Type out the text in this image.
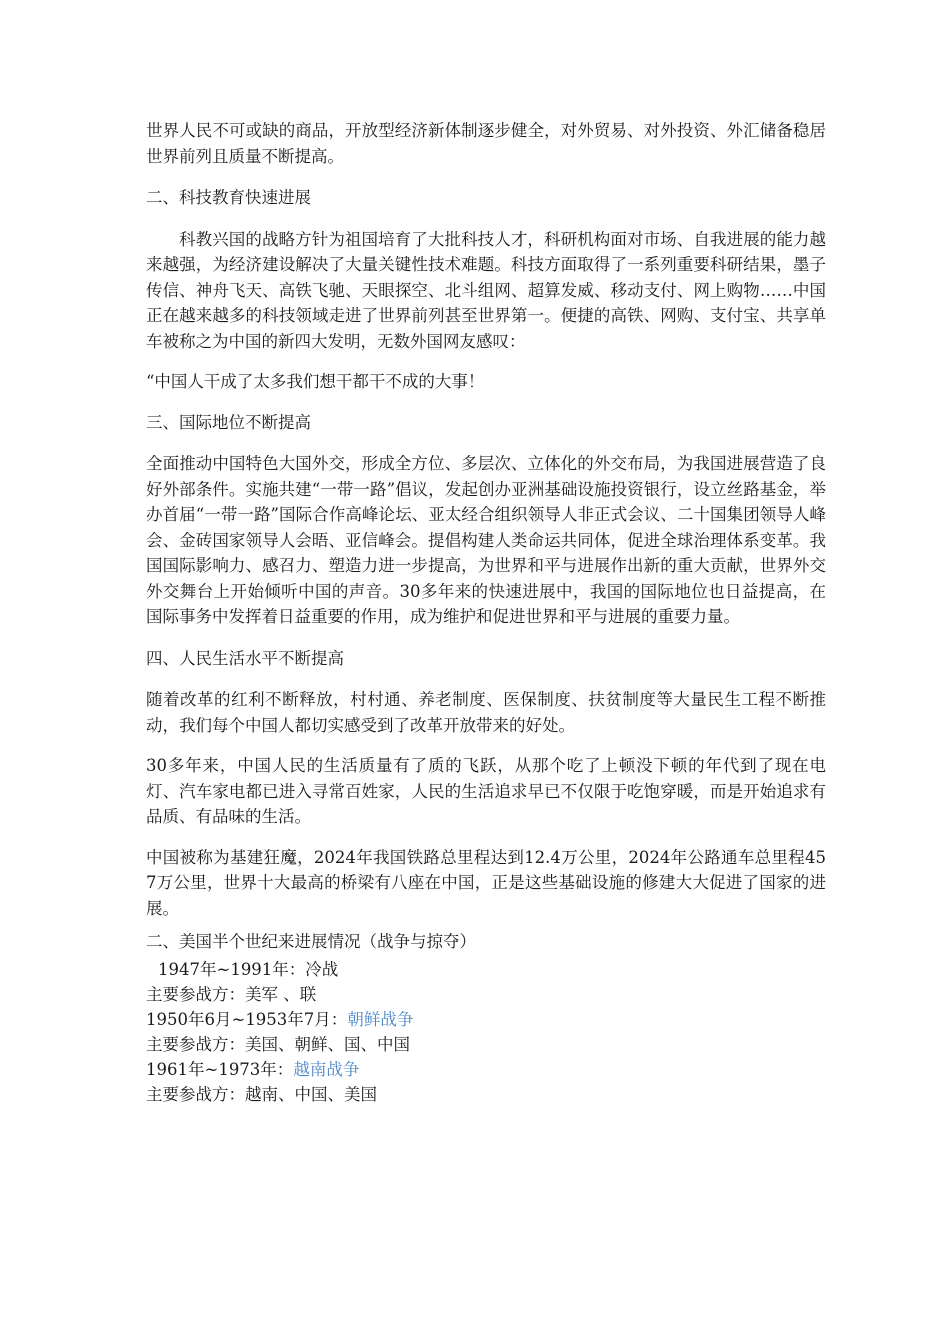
世界人民不可或缺的商品，开放型经济新体制逐步健全，对外贸易、对外投资、外汇储备稳居世界前列且质量不断提高。

二、科技教育快速进展

科教兴国的战略方针为祖国培育了大批科技人才，科研机构面对市场、自我进展的能力越来越强，为经济建设解决了大量关键性技术难题。科技方面取得了一系列重要科研结果，墨子传信、神舟飞天、高铁飞驰、天眼探空、北斗组网、超算发威、移动支付、网上购物……中国正在越来越多的科技领域走进了世界前列甚至世界第一。便捷的高铁、网购、支付宝、共享单车被称之为中国的新四大发明，无数外国网友感叹：

“中国人干成了太多我们想干都干不成的大事！

三、国际地位不断提高

全面推动中国特色大国外交，形成全方位、多层次、立体化的外交布局，为我国进展营造了良好外部条件。实施共建“一带一路”倡议，发起创办亚洲基础设施投资银行，设立丝路基金，举办首届“一带一路”国际合作高峰论坛、亚太经合组织领导人非正式会议、二十国集团领导人峰会、金砖国家领导人会晤、亚信峰会。提倡构建人类命运共同体，促进全球治理体系变革。我国国际影响力、感召力、塑造力进一步提高，为世界和平与进展作出新的重大贡献，世界外交外交舞台上开始倾听中国的声音。30多年来的快速进展中，我国的国际地位也日益提高，在国际事务中发挥着日益重要的作用，成为维护和促进世界和平与进展的重要力量。

四、人民生活水平不断提高

随着改革的红利不断释放，村村通、养老制度、医保制度、扶贫制度等大量民生工程不断推动，我们每个中国人都切实感受到了改革开放带来的好处。

30多年来，中国人民的生活质量有了质的飞跃，从那个吃了上顿没下顿的年代到了现在电灯、汽车家电都已进入寻常百姓家，人民的生活追求早已不仅限于吃饱穿暖，而是开始追求有品质、有品味的生活。

中国被称为基建狂魔，2024年我国铁路总里程达到12.4万公里，2024年公路通车总里程457万公里，世界十大最高的桥梁有八座在中国，正是这些基础设施的修建大大促进了国家的进展。

二、美国半个世纪来进展情况（战争与掠夺）

1947年~1991年：冷战

主要参战方：美军 、联

1950年6月~1953年7月：朝鲜战争

主要参战方：美国、朝鲜、国、中国

1961年~1973年：越南战争

主要参战方：越南、中国、美国
